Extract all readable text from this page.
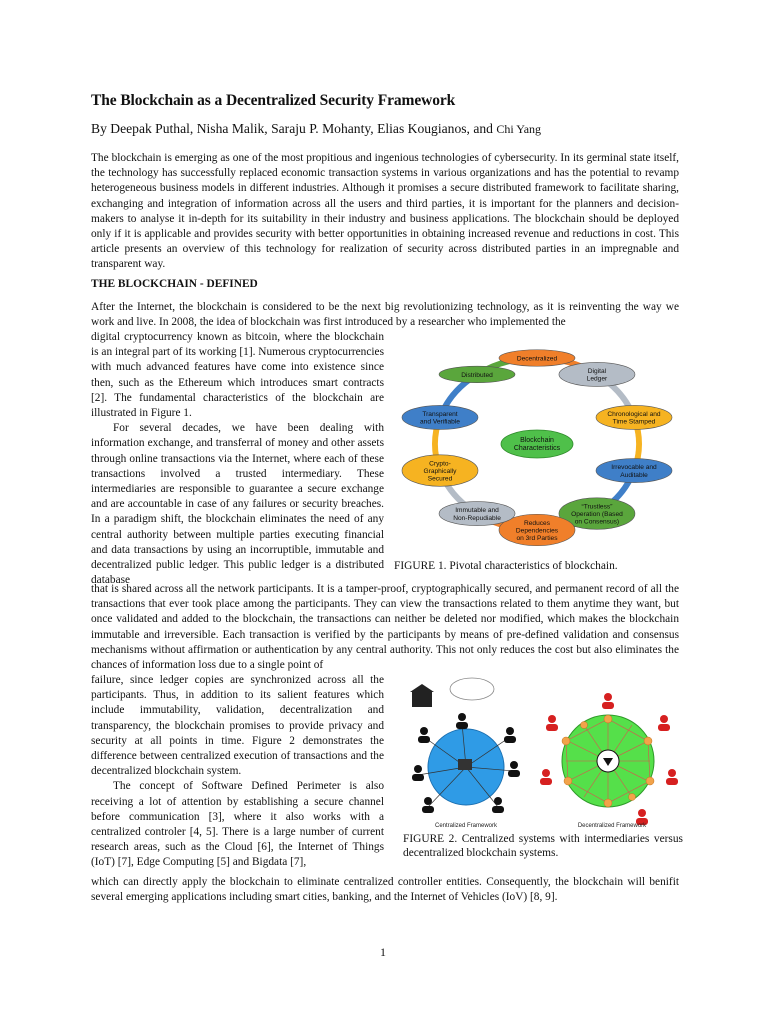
The Blockchain as a Decentralized Security Framework

By Deepak Puthal, Nisha Malik, Saraju P. Mohanty, Elias Kougianos, and Chi Yang

The blockchain is emerging as one of the most propitious and ingenious technologies of cybersecurity. In its germinal state itself, the technology has successfully replaced economic transaction systems in various organizations and has the potential to revamp heterogeneous business models in different industries. Although it promises a secure distributed framework to facilitate sharing, exchanging and integration of information across all the users and third parties, it is important for the planners and decision-makers to analyse it in-depth for its suitability in their industry and business applications. The blockchain should be deployed only if it is applicable and provides security with better opportunities in obtaining increased revenue and reductions in cost. This article presents an overview of this technology for realization of security across distributed parties in an impregnable and transparent way.

THE BLOCKCHAIN - DEFINED

After the Internet, the blockchain is considered to be the next big revolutionizing technology, as it is reinventing the way we work and live. In 2008, the idea of blockchain was first introduced by a researcher who implemented the

digital cryptocurrency known as bitcoin, where the blockchain is an integral part of its working [1]. Numerous cryptocurrencies with much advanced features have come into existence since then, such as the Ethereum which introduces smart contracts [2]. The fundamental characteristics of the blockchain are illustrated in Figure 1.

For several decades, we have been dealing with information exchange, and transferral of money and other assets through online transactions via the Internet, where each of these transactions involved a trusted intermediary. These intermediaries are responsible to guarantee a secure exchange and are accountable in case of any failures or security breaches. In a paradigm shift, the blockchain eliminates the need of any central authority between multiple parties executing financial and data transactions by using an incorruptible, immutable and decentralized public ledger. This public ledger is a distributed database

Blockchain
Characteristics
Decentralized
Digital
Ledger
Chronological and
Time Stamped
Irrevocable and
Auditable
“Trustless”
Operation (Based
on Consensus)
Reduces
Dependencies
on 3rd Parties
Immutable and
Non-Repudiable
Crypto-
Graphically
Secured
Transparent
and Verifiable
Distributed

FIGURE 1. Pivotal characteristics of blockchain.

that is shared across all the network participants. It is a tamper-proof, cryptographically secured, and permanent record of all the transactions that ever took place among the participants. They can view the transactions related to them anytime they want, but once validated and added to the blockchain, the transactions can neither be deleted nor modified, which makes the blockchain immutable and irreversible. Each transaction is verified by the participants by means of pre-defined validation and consensus mechanisms without affirmation or authentication by any central authority. This not only reduces the cost but also eliminates the chances of information loss due to a single point of

failure, since ledger copies are synchronized across all the participants. Thus, in addition to its salient features which include immutability, validation, decentralization and transparency, the blockchain promises to provide privacy and security at all points in time. Figure 2 demonstrates the difference between centralized execution of transactions and the decentralized blockchain system.

The concept of Software Defined Perimeter is also receiving a lot of attention by establishing a secure channel before communication [3], where it also works with a centralized controler [4, 5]. There is a large number of current research areas, such as the Cloud [6], the Internet of Things (IoT) [7], Edge Computing [5] and Bigdata [7],

Centralized Framework	Decentralized Framework

FIGURE 2. Centralized systems with intermediaries versus decentralized blockchain systems.

which can directly apply the blockchain to eliminate centralized controller entities. Consequently, the blockchain will benifit several emerging applications including smart cities, banking, and the Internet of Vehicles (IoV) [8, 9].

1
